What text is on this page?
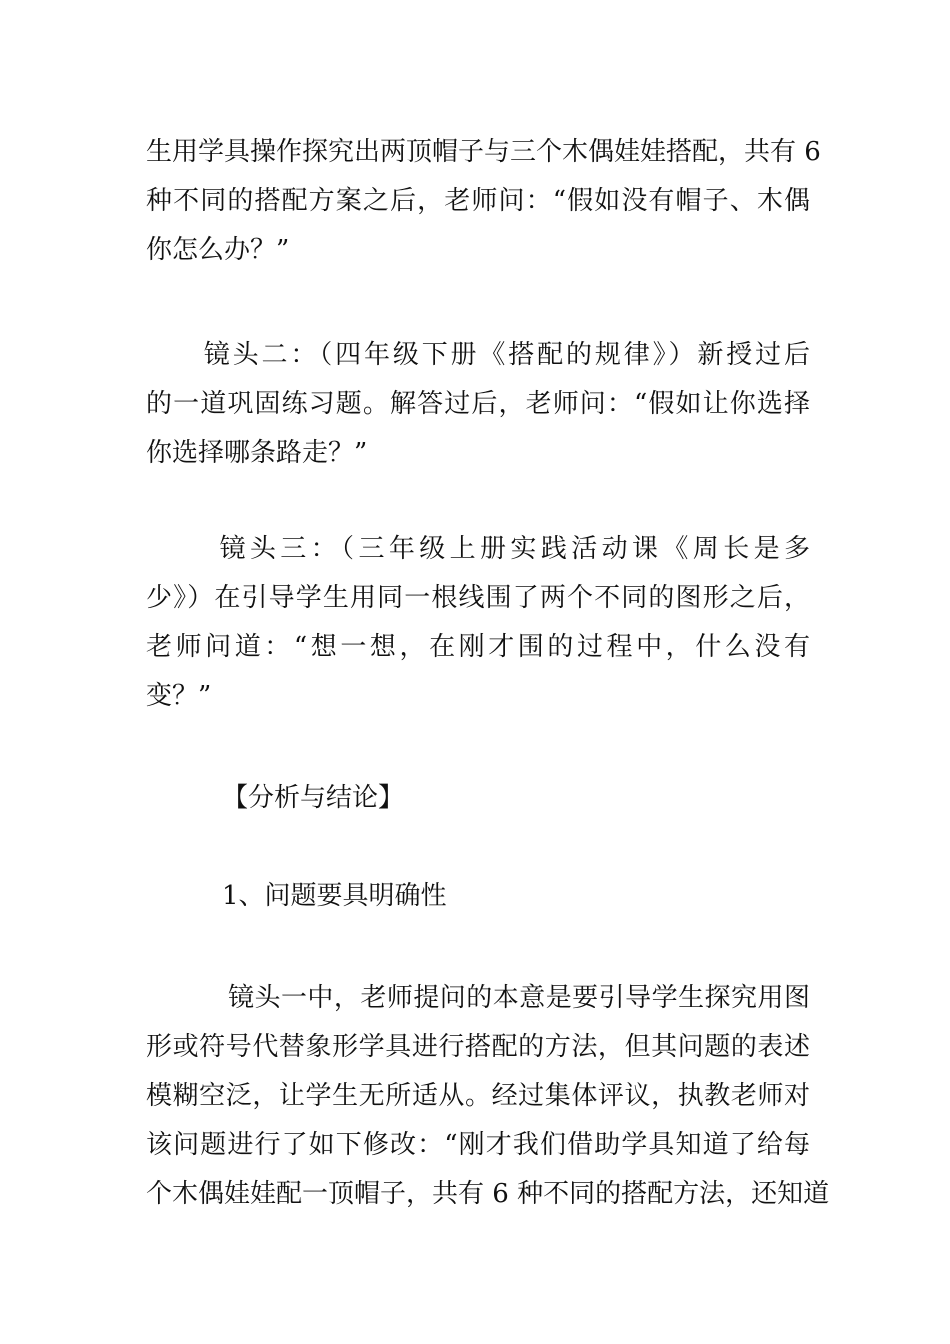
生用学具操作探究出两顶帽子与三个木偶娃娃搭配，共有 6
种不同的搭配方案之后，老师问：“假如没有帽子、木偶
你怎么办？”
　　镜头二：（四年级下册《搭配的规律》）新授过后
的一道巩固练习题。解答过后，老师问：“假如让你选择
你选择哪条路走？”
　　 镜头三：（三年级上册实践活动课《周长是多
少》）在引导学生用同一根线围了两个不同的图形之后，
老师问道：“想一想，在刚才围的过程中，什么没有
变？”
【分析与结论】
1、问题要具明确性
镜头一中，老师提问的本意是要引导学生探究用图
形或符号代替象形学具进行搭配的方法，但其问题的表述
模糊空泛，让学生无所适从。经过集体评议，执教老师对
该问题进行了如下修改：“刚才我们借助学具知道了给每
个木偶娃娃配一顶帽子，共有 6 种不同的搭配方法，还知道
